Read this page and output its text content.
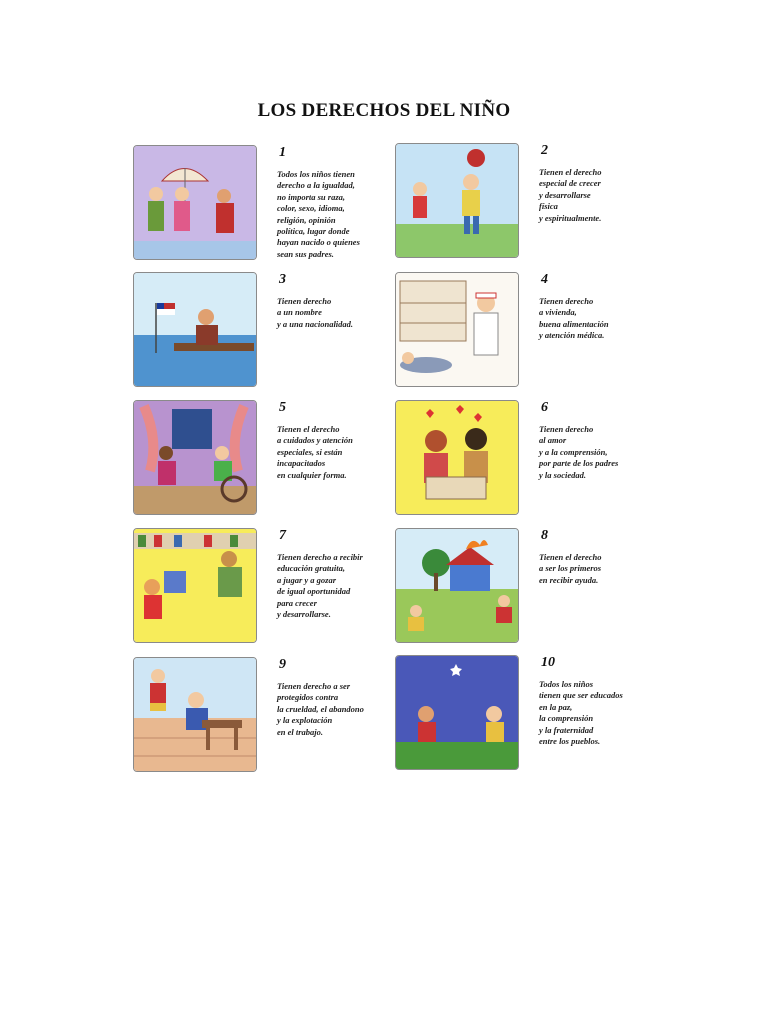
LOS DERECHOS DEL NIÑO
1
Todos los niños tienen
derecho a la igualdad,
no importa su raza,
color, sexo, idioma,
religión, opinión
política, lugar donde
hayan nacido o quienes
sean sus padres.
2
Tienen el derecho
especial de crecer
y desarrollarse
física
y espiritualmente.
3
Tienen derecho
a un nombre
y a una nacionalidad.
4
Tienen derecho
a vivienda,
buena alimentación
y atención médica.
5
Tienen el derecho
a cuidados y atención
especiales, si están
incapacitados
en cualquier forma.
6
Tienen derecho
al amor
y a la comprensión,
por parte de los padres
y la sociedad.
7
Tienen derecho a recibir
educación gratuita,
a jugar y a gozar
de igual oportunidad
para crecer
y desarrollarse.
8
Tienen el derecho
a ser los primeros
en recibir ayuda.
9
Tienen derecho a ser
protegidos contra
la crueldad, el abandono
y la explotación
en el trabajo.
10
Todos los niños
tienen que ser educados
en la paz,
la comprensión
y la fraternidad
entre los pueblos.
